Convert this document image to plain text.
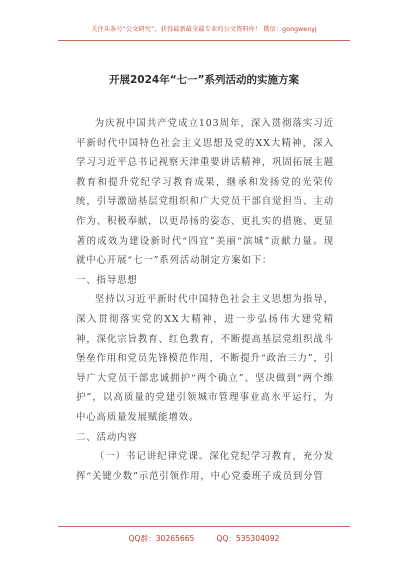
关注头条号“公文研究”，获得最新最全最专业的公文资料库！ 微信：gongwenyj
开展2024年“七一”系列活动的实施方案

为庆祝中国共产党成立103周年，深入贯彻落实习近平新时代中国特色社会主义思想及党的XX大精神，深入学习习近平总书记视察天津重要讲话精神，巩固拓展主题教育和提升党纪学习教育成果，继承和发扬党的光荣传统，引导激励基层党组织和广大党员干部自觉担当、主动作为、积极奉献，以更昂扬的姿态、更扎实的措施、更显著的成效为建设新时代“四宜”美丽“滨城”贡献力量。现就中心开展“七一”系列活动制定方案如下：

一、指导思想

坚持以习近平新时代中国特色社会主义思想为指导，深入贯彻落实党的XX大精神，进一步弘扬伟大建党精神，深化宗旨教育、红色教育，不断提高基层党组织战斗堡垒作用和党员先锋模范作用，不断提升“政治三力”，引导广大党员干部忠诚拥护“两个确立”、坚决做到“两个维护”，以高质量的党建引领城市管理事业高水平运行，为中心高质量发展赋能增效。

二、活动内容

（一）书记讲纪律党课。深化党纪学习教育，充分发挥“关键少数”示范引领作用，中心党委班子成员到分管

QQ群：30265665	QQ：535304092
